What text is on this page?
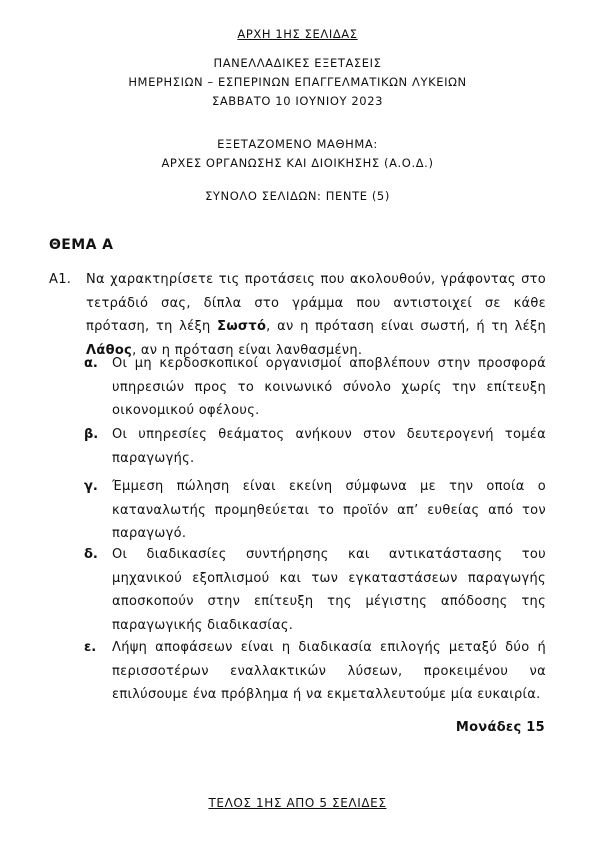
ΑΡΧΗ 1ΗΣ ΣΕΛΙΔΑΣ
ΠΑΝΕΛΛΑΔΙΚΕΣ ΕΞΕΤΑΣΕΙΣ
ΗΜΕΡΗΣΙΩΝ – ΕΣΠΕΡΙΝΩΝ ΕΠΑΓΓΕΛΜΑΤΙΚΩΝ ΛΥΚΕΙΩΝ
ΣΑΒΒΑΤΟ 10 ΙΟΥΝΙΟΥ 2023
ΕΞΕΤΑΖΟΜΕΝΟ ΜΑΘΗΜΑ:
ΑΡΧΕΣ ΟΡΓΑΝΩΣΗΣ ΚΑΙ ΔΙΟΙΚΗΣΗΣ (Α.Ο.Δ.)
ΣΥΝΟΛΟ ΣΕΛΙΔΩΝ: ΠΕΝΤΕ (5)
ΘΕΜΑ Α
Α1. Να χαρακτηρίσετε τις προτάσεις που ακολουθούν, γράφοντας στο τετράδιό σας, δίπλα στο γράμμα που αντιστοιχεί σε κάθε πρόταση, τη λέξη Σωστό, αν η πρόταση είναι σωστή, ή τη λέξη Λάθος, αν η πρόταση είναι λανθασμένη.
α. Οι μη κερδοσκοπικοί οργανισμοί αποβλέπουν στην προσφορά υπηρεσιών προς το κοινωνικό σύνολο χωρίς την επίτευξη οικονομικού οφέλους.
β. Οι υπηρεσίες θεάματος ανήκουν στον δευτερογενή τομέα παραγωγής.
γ. Έμμεση πώληση είναι εκείνη σύμφωνα με την οποία ο καταναλωτής προμηθεύεται το προϊόν απ’ ευθείας από τον παραγωγό.
δ. Οι διαδικασίες συντήρησης και αντικατάστασης του μηχανικού εξοπλισμού και των εγκαταστάσεων παραγωγής αποσκοπούν στην επίτευξη της μέγιστης απόδοσης της παραγωγικής διαδικασίας.
ε. Λήψη αποφάσεων είναι η διαδικασία επιλογής μεταξύ δύο ή περισσοτέρων εναλλακτικών λύσεων, προκειμένου να επιλύσουμε ένα πρόβλημα ή να εκμεταλλευτούμε μία ευκαιρία.
Μονάδες 15
ΤΕΛΟΣ 1ΗΣ ΑΠΟ 5 ΣΕΛΙΔΕΣ
